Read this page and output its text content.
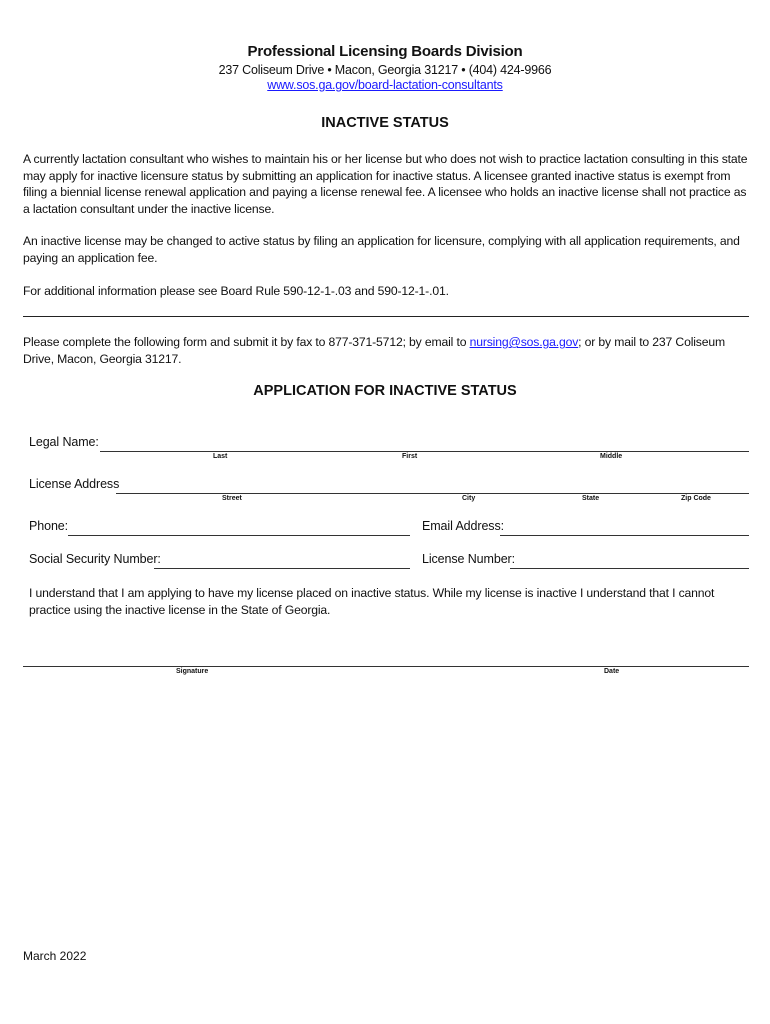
Professional Licensing Boards Division
237 Coliseum Drive • Macon, Georgia 31217 • (404) 424-9966
www.sos.ga.gov/board-lactation-consultants
INACTIVE STATUS
A currently lactation consultant who wishes to maintain his or her license but who does not wish to practice lactation consulting in this state may apply for inactive licensure status by submitting an application for inactive status. A licensee granted inactive status is exempt from filing a biennial license renewal application and paying a license renewal fee. A licensee who holds an inactive license shall not practice as a lactation consultant under the inactive license.
An inactive license may be changed to active status by filing an application for licensure, complying with all application requirements, and paying an application fee.
For additional information please see Board Rule 590-12-1-.03 and 590-12-1-.01.
Please complete the following form and submit it by fax to 877-371-5712; by email to nursing@sos.ga.gov; or by mail to 237 Coliseum Drive, Macon, Georgia 31217.
APPLICATION FOR INACTIVE STATUS
Legal Name:
Last	First	Middle
License Address
Street	City	State	Zip Code
Phone:	Email Address:
Social Security Number:	License Number:
I understand that I am applying to have my license placed on inactive status. While my license is inactive I understand that I cannot practice using the inactive license in the State of Georgia.
Signature	Date
March 2022
